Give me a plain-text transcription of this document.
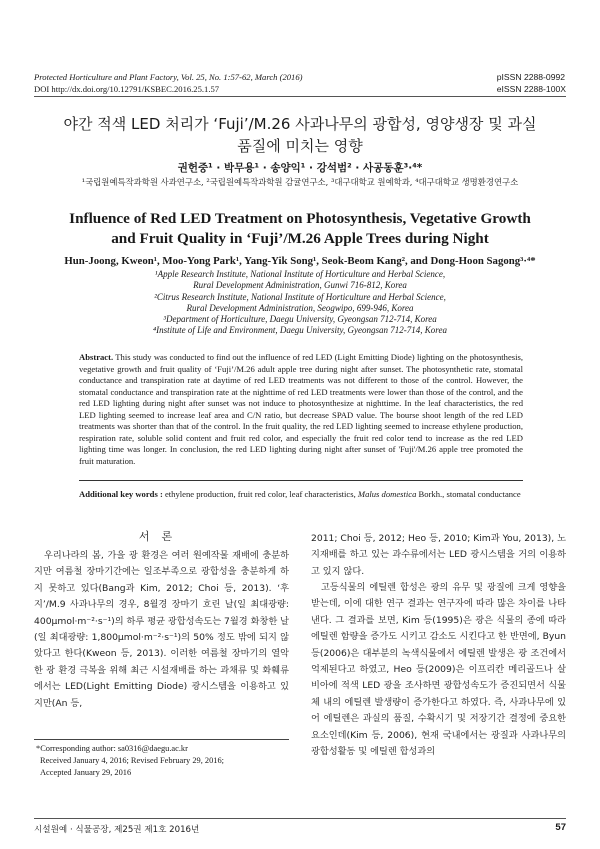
Protected Horticulture and Plant Factory, Vol. 25, No. 1:57-62, March (2016)
DOI http://dx.doi.org/10.12791/KSBEC.2016.25.1.57
pISSN 2288-0992
eISSN 2288-100X
야간 적색 LED 처리가 ‘Fuji’/M.26 사과나무의 광합성, 영양생장 및 과실
품질에 미치는 영향
권헌중¹ · 박무용¹ · 송양익¹ · 강석범² · 사공동훈³·⁴*
¹국립원예특작과학원 사과연구소, ²국립원예특작과학원 감귤연구소, ³대구대학교 원예학과, ⁴대구대학교 생명환경연구소
Influence of Red LED Treatment on Photosynthesis, Vegetative Growth
and Fruit Quality in ‘Fuji’/M.26 Apple Trees during Night
Hun-Joong, Kweon¹, Moo-Yong Park¹, Yang-Yik Song¹, Seok-Beom Kang², and Dong-Hoon Sagong³·⁴*
¹Apple Research Institute, National Institute of Horticulture and Herbal Science,
Rural Development Administration, Gunwi 716-812, Korea
²Citrus Research Institute, National Institute of Horticulture and Herbal Science,
Rural Development Administration, Seogwipo, 699-946, Korea
³Department of Horticulture, Daegu University, Gyeongsan 712-714, Korea
⁴Institute of Life and Environment, Daegu University, Gyeongsan 712-714, Korea
Abstract. This study was conducted to find out the influence of red LED (Light Emitting Diode) lighting on the photosynthesis, vegetative growth and fruit quality of ‘Fuji’/M.26 adult apple tree during night after sunset. The photosynthetic rate, stomatal conductance and transpiration rate at daytime of red LED treatments was not different to those of the control. However, the stomatal conductance and transpiration rate at the nighttime of red LED treatments were lower than those of the control, and the red LED lighting during night after sunset was not induce to photosynthesize at nighttime. In the leaf characteristics, the red LED lighting seemed to increase leaf area and C/N ratio, but decrease SPAD value. The bourse shoot length of the red LED treatments was shorter than that of the control. In the fruit quality, the red LED lighting seemed to increase ethylene production, respiration rate, soluble solid content and fruit red color, and especially the fruit red color tend to increase as the red LED lighting time was longer. In conclusion, the red LED lighting during night after sunset of 'Fuji'/M.26 apple tree promoted the fruit maturation.
Additional key words : ethylene production, fruit red color, leaf characteristics, Malus domestica Borkh., stomatal conductance
서론
우리나라의 봄, 가을 광 환경은 여러 원예작물 재배에 충분하지만 여름철 장마기간에는 일조부족으로 광합성을 충분하게 하지 못하고 있다(Bang과 Kim, 2012; Choi 등, 2013). ‘후지’/M.9 사과나무의 경우, 8월경 장마기 흐린 날(일 최대광량: 400μmol·m⁻²·s⁻¹)의 하루 평균 광합성속도는 7월경 화창한 날(일 최대광량: 1,800μmol·m⁻²·s⁻¹)의 50% 정도 밖에 되지 않았다고 한다(Kweon 등, 2013). 이러한 여름철 장마기의 열악한 광 환경 극복을 위해 최근 시설재배를 하는 과채류 및 화훼류에서는 LED(Light Emitting Diode) 광시스템을 이용하고 있지만(An 등,
2011; Choi 등, 2012; Heo 등, 2010; Kim과 You, 2013), 노지재배를 하고 있는 과수류에서는 LED 광시스템을 거의 이용하고 있지 않다.
고등식물의 에틸렌 합성은 광의 유무 및 광질에 크게 영향을 받는데, 이에 대한 연구 결과는 연구자에 따라 많은 차이를 나타낸다. 그 결과를 보면, Kim 등(1995)은 광은 식물의 종에 따라 에틸렌 함량을 증가도 시키고 감소도 시킨다고 한 반면에, Byun 등(2006)은 대부분의 녹색식물에서 에틸렌 발생은 광 조건에서 억제된다고 하였고, Heo 등(2009)은 이프리칸 메리골드나 살비아에 적색 LED 광을 조사하면 광합성속도가 증진되면서 식물체 내의 에틸렌 발생량이 증가한다고 하였다. 즉, 사과나무에 있어 에틸렌은 과실의 품질, 수확시기 및 저장기간 결정에 중요한 요소인데(Kim 등, 2006), 현재 국내에서는 광질과 사과나무의 광합성활동 및 에틸렌 합성과의
*Corresponding author: sa0316@daegu.ac.kr
Received January 4, 2016; Revised February 29, 2016;
Accepted January 29, 2016
시설원예 · 식물공장, 제25권 제1호 2016년	57
